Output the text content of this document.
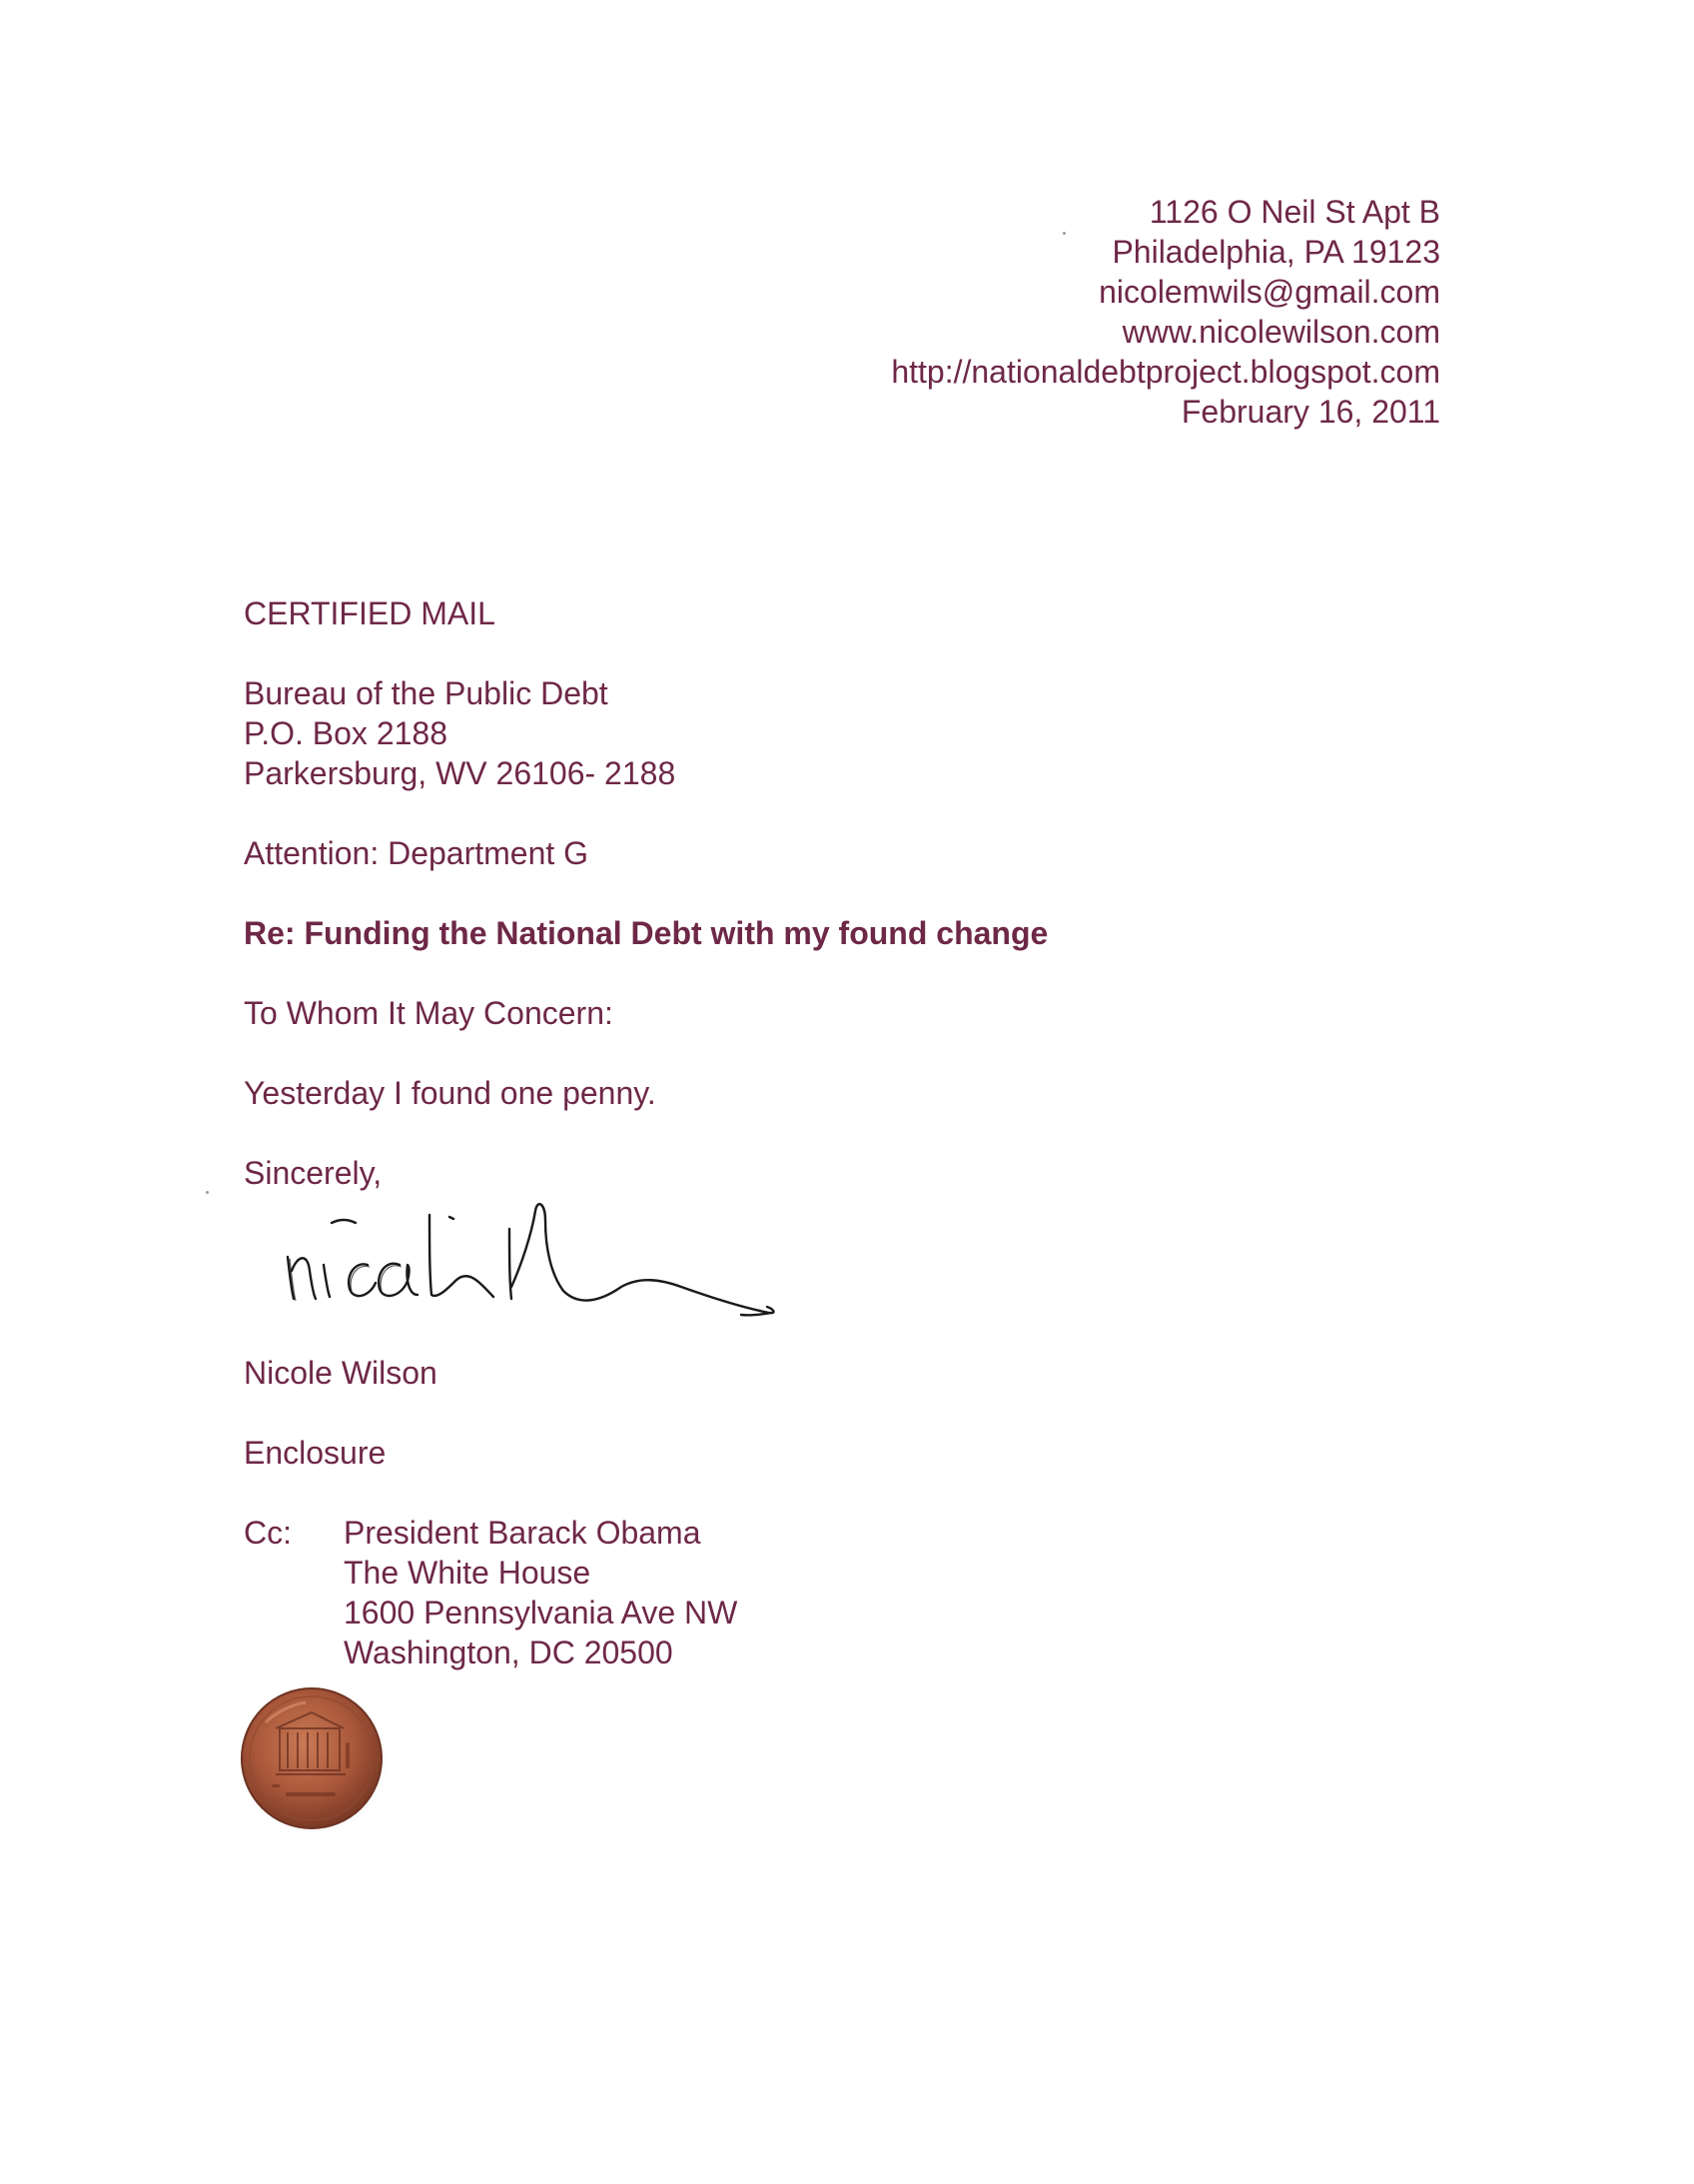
1126 O Neil St Apt B
Philadelphia, PA 19123
nicolemwils@gmail.com
www.nicolewilson.com
http://nationaldebtproject.blogspot.com
February 16, 2011
CERTIFIED MAIL
Bureau of the Public Debt
P.O. Box 2188
Parkersburg, WV 26106- 2188
Attention: Department G
Re: Funding the National Debt with my found change
To Whom It May Concern:
Yesterday I found one penny.
Sincerely,
Nicole Wilson
Enclosure
Cc:	President Barack Obama
The White House
1600 Pennsylvania Ave NW
Washington, DC 20500
